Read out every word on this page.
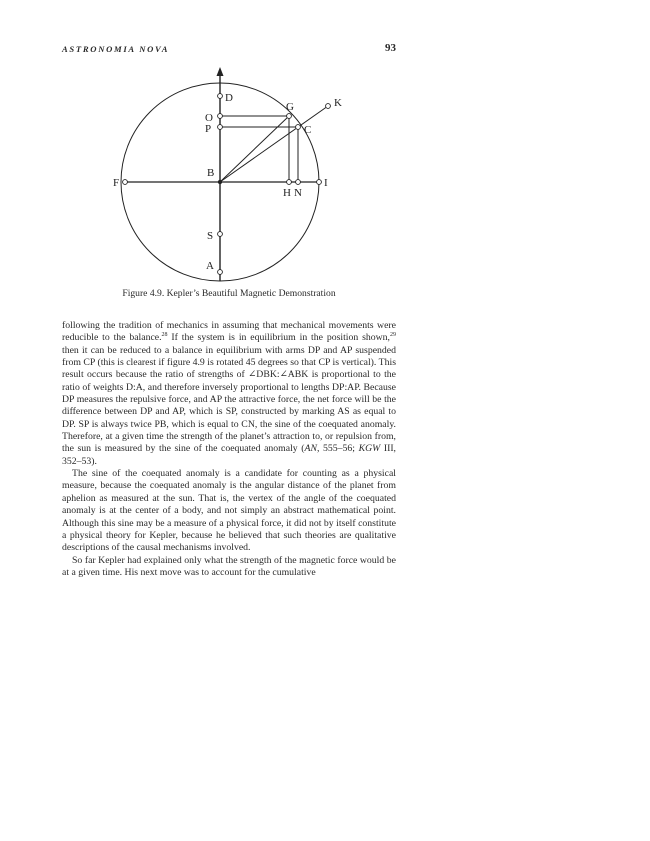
ASTRONOMIA NOVA	93
D
G	K
O
P	C
F
B
I
H N
S
A
Figure 4.9. Kepler’s Beautiful Magnetic Demonstration

following the tradition of mechanics in assuming that mechanical movements were reducible to the balance.$^{28}$ If the system is in equilibrium in the position shown,$^{29}$ then it can be reduced to a balance in equilibrium with arms DP and AP suspended from CP (this is clearest if figure 4.9 is rotated 45 degrees so that CP is vertical). This result occurs because the ratio of strengths of ∠DBK:∠ABK is proportional to the ratio of weights D:A, and therefore inversely proportional to lengths DP:AP. Because DP measures the repulsive force, and AP the attractive force, the net force will be the difference between DP and AP, which is SP, constructed by marking AS as equal to DP. SP is always twice PB, which is equal to CN, the sine of the coequated anomaly. Therefore, at a given time the strength of the planet’s attraction to, or repulsion from, the sun is measured by the sine of the coequated anomaly (AN, 555–56; KGW III, 352–53).

The sine of the coequated anomaly is a candidate for counting as a physical measure, because the coequated anomaly is the angular distance of the planet from aphelion as measured at the sun. That is, the vertex of the angle of the coequated anomaly is at the center of a body, and not simply an abstract mathematical point. Although this sine may be a measure of a physical force, it did not by itself constitute a physical theory for Kepler, because he believed that such theories are qualitative descriptions of the causal mechanisms involved.

So far Kepler had explained only what the strength of the magnetic force would be at a given time. His next move was to account for the cumulative
